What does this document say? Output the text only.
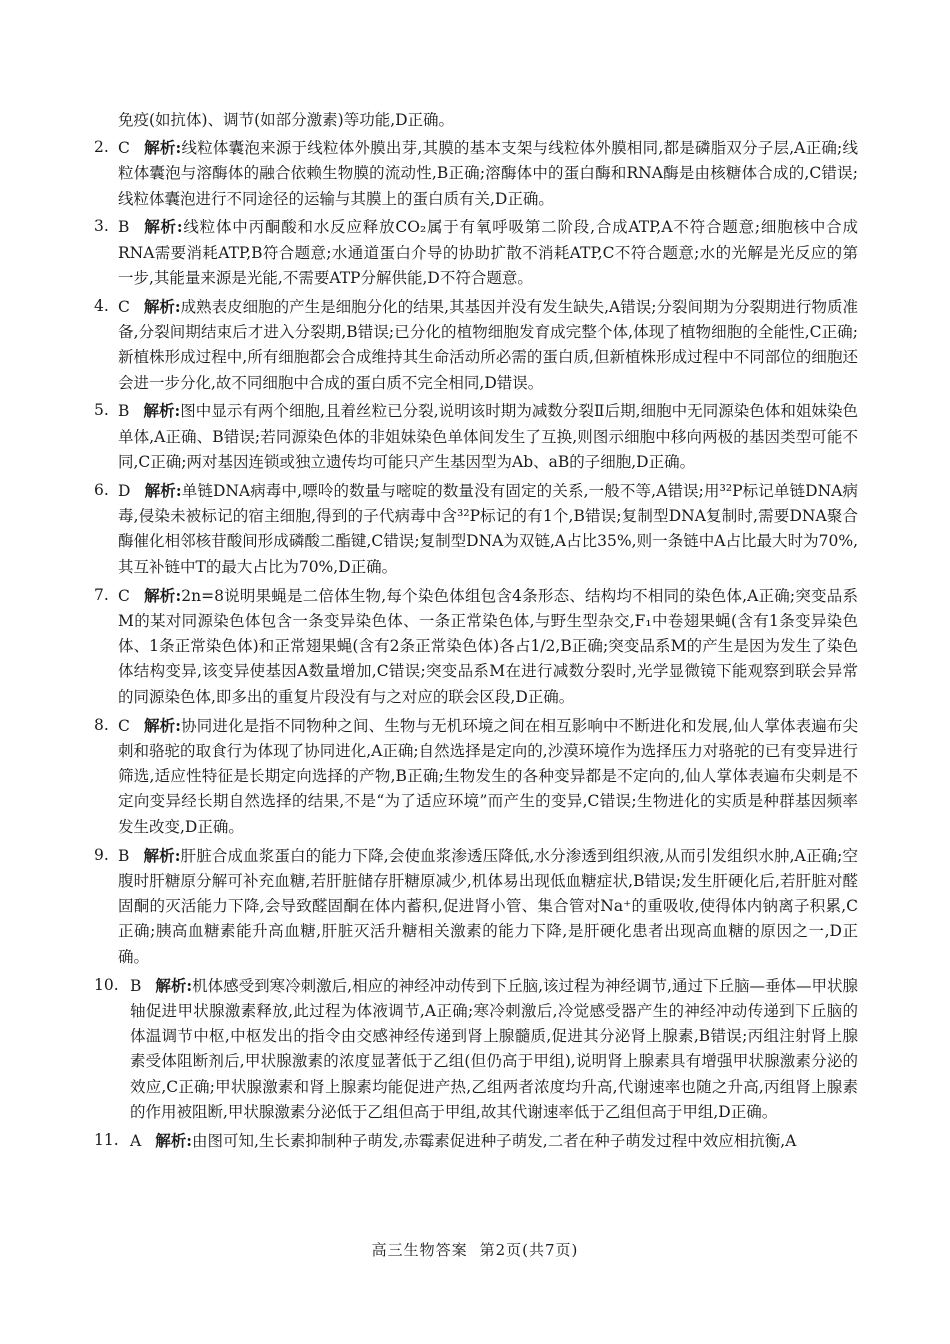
免疫(如抗体)、调节(如部分激素)等功能,D正确。
2. C 解析:线粒体囊泡来源于线粒体外膜出芽,其膜的基本支架与线粒体外膜相同,都是磷脂双分子层,A正确;线粒体囊泡与溶酶体的融合依赖生物膜的流动性,B正确;溶酶体中的蛋白酶和RNA酶是由核糖体合成的,C错误;线粒体囊泡进行不同途径的运输与其膜上的蛋白质有关,D正确。
3. B 解析:线粒体中丙酮酸和水反应释放CO₂属于有氧呼吸第二阶段,合成ATP,A不符合题意;细胞核中合成RNA需要消耗ATP,B符合题意;水通道蛋白介导的协助扩散不消耗ATP,C不符合题意;水的光解是光反应的第一步,其能量来源是光能,不需要ATP分解供能,D不符合题意。
4. C 解析:成熟表皮细胞的产生是细胞分化的结果,其基因并没有发生缺失,A错误;分裂间期为分裂期进行物质准备,分裂间期结束后才进入分裂期,B错误;已分化的植物细胞发育成完整个体,体现了植物细胞的全能性,C正确;新植株形成过程中,所有细胞都会合成维持其生命活动所必需的蛋白质,但新植株形成过程中不同部位的细胞还会进一步分化,故不同细胞中合成的蛋白质不完全相同,D错误。
5. B 解析:图中显示有两个细胞,且着丝粒已分裂,说明该时期为减数分裂Ⅱ后期,细胞中无同源染色体和姐妹染色单体,A正确、B错误;若同源染色体的非姐妹染色单体间发生了互换,则图示细胞中移向两极的基因类型可能不同,C正确;两对基因连锁或独立遗传均可能只产生基因型为Ab、aB的子细胞,D正确。
6. D 解析:单链DNA病毒中,嘌呤的数量与嘧啶的数量没有固定的关系,一般不等,A错误;用³²P标记单链DNA病毒,侵染未被标记的宿主细胞,得到的子代病毒中含³²P标记的有1个,B错误;复制型DNA复制时,需要DNA聚合酶催化相邻核苷酸间形成磷酸二酯键,C错误;复制型DNA为双链,A占比35%,则一条链中A占比最大时为70%,其互补链中T的最大占比为70%,D正确。
7. C 解析:2n=8说明果蝇是二倍体生物,每个染色体组包含4条形态、结构均不相同的染色体,A正确;突变品系M的某对同源染色体包含一条变异染色体、一条正常染色体,与野生型杂交,F₁中卷翅果蝇(含有1条变异染色体、1条正常染色体)和正常翅果蝇(含有2条正常染色体)各占1/2,B正确;突变品系M的产生是因为发生了染色体结构变异,该变异使基因A数量增加,C错误;突变品系M在进行减数分裂时,光学显微镜下能观察到联会异常的同源染色体,即多出的重复片段没有与之对应的联会区段,D正确。
8. C 解析:协同进化是指不同物种之间、生物与无机环境之间在相互影响中不断进化和发展,仙人掌体表遍布尖刺和骆驼的取食行为体现了协同进化,A正确;自然选择是定向的,沙漠环境作为选择压力对骆驼的已有变异进行筛选,适应性特征是长期定向选择的产物,B正确;生物发生的各种变异都是不定向的,仙人掌体表遍布尖刺是不定向变异经长期自然选择的结果,不是“为了适应环境”而产生的变异,C错误;生物进化的实质是种群基因频率发生改变,D正确。
9. B 解析:肝脏合成血浆蛋白的能力下降,会使血浆渗透压降低,水分渗透到组织液,从而引发组织水肿,A正确;空腹时肝糖原分解可补充血糖,若肝脏储存肝糖原减少,机体易出现低血糖症状,B错误;发生肝硬化后,若肝脏对醛固酮的灭活能力下降,会导致醛固酮在体内蓄积,促进肾小管、集合管对Na⁺的重吸收,使得体内钠离子积累,C正确;胰高血糖素能升高血糖,肝脏灭活升糖相关激素的能力下降,是肝硬化患者出现高血糖的原因之一,D正确。
10. B 解析:机体感受到寒冷刺激后,相应的神经冲动传到下丘脑,该过程为神经调节,通过下丘脑—垂体—甲状腺轴促进甲状腺激素释放,此过程为体液调节,A正确;寒冷刺激后,冷觉感受器产生的神经冲动传递到下丘脑的体温调节中枢,中枢发出的指令由交感神经传递到肾上腺髓质,促进其分泌肾上腺素,B错误;丙组注射肾上腺素受体阻断剂后,甲状腺激素的浓度显著低于乙组(但仍高于甲组),说明肾上腺素具有增强甲状腺激素分泌的效应,C正确;甲状腺激素和肾上腺素均能促进产热,乙组两者浓度均升高,代谢速率也随之升高,丙组肾上腺素的作用被阻断,甲状腺激素分泌低于乙组但高于甲组,故其代谢速率低于乙组但高于甲组,D正确。
11. A 解析:由图可知,生长素抑制种子萌发,赤霉素促进种子萌发,二者在种子萌发过程中效应相抗衡,A
高三生物答案 第2页(共7页)
